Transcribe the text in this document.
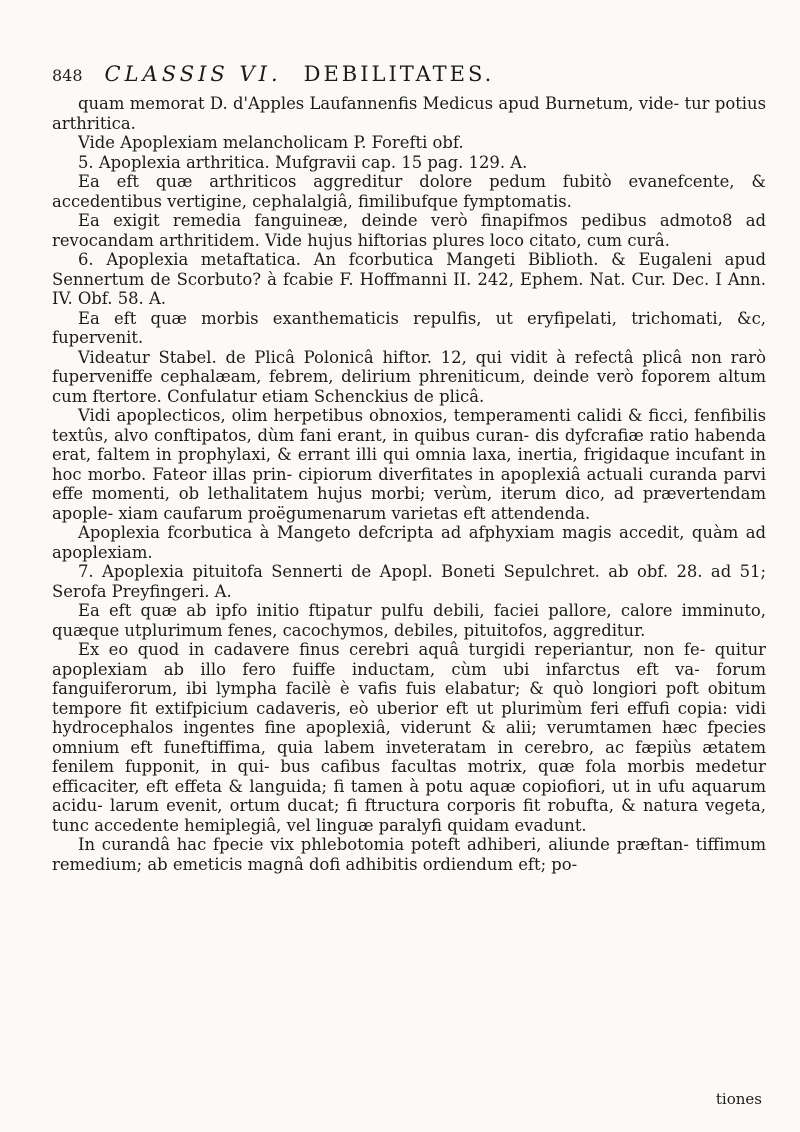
848 CLASSIS VI. DEBILITATES.

quam memorat D. d'Apples Laufannenfis Medicus apud Burnetum, vide- tur potius arthritica.

Vide Apoplexiam melancholicam P. Forefti obf.

5. Apoplexia arthritica. Mufgravii cap. 15 pag. 129. A.

Ea eft quæ arthriticos aggreditur dolore pedum fubitò evanefcente, & accedentibus vertigine, cephalalgiâ, fimilibufque fymptomatis.

Ea exigit remedia fanguineæ, deinde verò finapifmos pedibus admoto8 ad revocandam arthritidem. Vide hujus hiftorias plures loco citato, cum curâ.

6. Apoplexia metaftatica. An fcorbutica Mangeti Biblioth. & Eugaleni apud Sennertum de Scorbuto? à fcabie F. Hoffmanni II. 242, Ephem. Nat. Cur. Dec. I Ann. IV. Obf. 58. A.

Ea eft quæ morbis exanthematicis repulfis, ut eryfipelati, trichomati, &c, fupervenit.

Videatur Stabel. de Plicâ Polonicâ hiftor. 12, qui vidit à refectâ plicâ non rarò fuperveniffe cephalæam, febrem, delirium phreniticum, deinde verò foporem altum cum ftertore. Confulatur etiam Schenckius de plicâ.

Vidi apoplecticos, olim herpetibus obnoxios, temperamenti calidi & ficci, fenfibilis textûs, alvo conftipatos, dùm fani erant, in quibus curan- dis dyfcrafiæ ratio habenda erat, faltem in prophylaxi, & errant illi qui omnia laxa, inertia, frigidaque incufant in hoc morbo. Fateor illas prin- cipiorum diverfitates in apoplexiâ actuali curanda parvi effe momenti, ob lethalitatem hujus morbi; verùm, iterum dico, ad prævertendam apople- xiam caufarum proëgumenarum varietas eft attendenda.

Apoplexia fcorbutica à Mangeto defcripta ad afphyxiam magis accedit, quàm ad apoplexiam.

7. Apoplexia pituitofa Sennerti de Apopl. Boneti Sepulchret. ab obf. 28. ad 51; Serofa Preyfingeri. A.

Ea eft quæ ab ipfo initio ftipatur pulfu debili, faciei pallore, calore imminuto, quæque utplurimum fenes, cacochymos, debiles, pituitofos, aggreditur.

Ex eo quod in cadavere finus cerebri aquâ turgidi reperiantur, non fe- quitur apoplexiam ab illo fero fuiffe inductam, cùm ubi infarctus eft va- forum fanguiferorum, ibi lympha facilè è vafis fuis elabatur; & quò longiori poft obitum tempore fit extifpicium cadaveris, eò uberior eft ut plurimùm feri effufi copia: vidi hydrocephalos ingentes fine apoplexiâ, viderunt & alii; verumtamen hæc fpecies omnium eft funeftiffima, quia labem inveteratam in cerebro, ac fæpiùs ætatem fenilem fupponit, in qui- bus cafibus facultas motrix, quæ fola morbis medetur efficaciter, eft effeta & languida; fi tamen à potu aquæ copiofiori, ut in ufu aquarum acidu- larum evenit, ortum ducat; fi ftructura corporis fit robufta, & natura vegeta, tunc accedente hemiplegiâ, vel linguæ paralyfi quidam evadunt.

In curandâ hac fpecie vix phlebotomia poteft adhiberi, aliunde præftan- tiffimum remedium; ab emeticis magnâ dofi adhibitis ordiendum eft; po-

tiones
